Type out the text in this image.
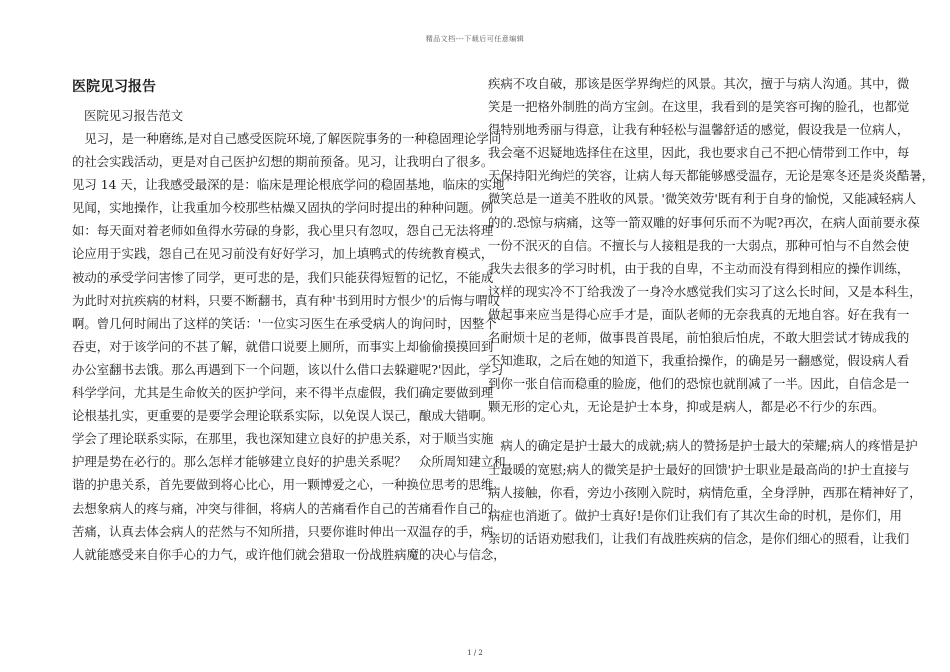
精品文档---下载后可任意编辑
医院见习报告
医院见习报告范文
　见习，是一种磨练,是对自己感受医院环境,了解医院事务的一种稳固理论学问
的社会实践活动，更是对自己医护幻想的期前预备。见习，让我明白了很多。
见习 14 天，让我感受最深的是：临床是理论根底学问的稳固基地，临床的实地
见闻，实地操作，让我重加今校那些枯燥又固执的学问时提出的种种问题。例
如：每天面对着老师如鱼得水劳碌的身影，我心里只有忽叹，怨自己无法将理
论应用于实践，怨自己在见习前没有好好学习，加上填鸭式的传统教育模式，
被动的承受学问害惨了同学，更可悲的是，我们只能获得短暂的记忆，不能成
为此时对抗疾病的材料，只要不断翻书，真有种'书到用时方恨少'的后悔与喟叹
啊。曾几何时闹出了这样的笑话：'一位实习医生在承受病人的询问时，因整个
吞吏，对于该学问的不甚了解，就借口说要上厕所，而事实上却偷偷摸摸回到
办公室翻书去饿。那么再遇到下一个问题，该以什么借口去躲避呢?'因此，学习
科学学问，尤其是生命攸关的医护学问，来不得半点虚假，我们确定要做到理
论根基扎实，更重要的是要学会理论联系实际，以免误人误己，酿成大错啊。
学会了理论联系实际，在那里，我也深知建立良好的护患关系，对于顺当实施
护理是势在必行的。那么怎样才能够建立良好的护患关系呢？　众所周知建立和
谐的护患关系，首先要做到将心比心，用一颗博爱之心，一种换位思考的思维
去想象病人的疼与痛，冲突与徘徊，将病人的苦痛看作自己的苦痛看作自己的
苦痛，认真去体会病人的茫然与不知所措，只要你谁时伸出一双温存的手，病
人就能感受来自你手心的力气，或许他们就会猎取一份战胜病魔的决心与信念，
疾病不攻自破，那该是医学界绚烂的风景。其次，擅于与病人沟通。其中，微
笑是一把格外制胜的尚方宝剑。在这里，我看到的是笑容可掬的脸孔，也都觉
得特别地秀丽与得意，让我有种轻松与温馨舒适的感觉，假设我是一位病人，
我会毫不迟疑地选择住在这里，因此，我也要求自己不把心情带到工作中，每
天保持阳光绚烂的笑容，让病人每天都能够感受温存，无论是寒冬还是炎炎酷暑，
微笑总是一道美不胜收的风景。'微笑效劳'既有利于自身的愉悦，又能减轻病人
的的.恐惊与病痛，这等一箭双雕的好事何乐而不为呢?再次，在病人面前要永葆
一份不泯灭的自信。不擅长与人接粗是我的一大弱点，那种可怕与不自然会使
我失去很多的学习时机，由于我的自卑，不主动而没有得到相应的操作训练，
这样的现实冷不丁给我泼了一身冷水感觉我们实习了这么长时间，又是本科生，
做起事来应当是得心应手才是，面队老师的无奈我真的无地自容。好在我有一
名耐烦十足的老师，做事畏首畏尾，前怕狼后怕虎，不敢大胆尝试才铸成我的
不知進取，之后在她的知道下，我重拾操作，的确是另一翻感觉，假设病人看
到你一张自信而稳重的脸庞，他们的恐惊也就削减了一半。因此，自信念是一
颗无形的定心丸，无论是护士本身，抑或是病人，都是必不行少的东西。
　病人的确定是护士最大的成就;病人的赞扬是护士最大的荣耀;病人的疼惜是护
士最暖的宽慰;病人的微笑是护士最好的回馈'护士职业是最高尚的!护士直接与
病人接触，你看，旁边小孩刚入院时，病情危重，全身浮肿，西那在精神好了，
病症也消逝了。做护士真好!是你们让我们有了其次生命的时机，是你们，用
亲切的话语劝慰我们，让我们有战胜疾病的信念，是你们细心的照看，让我们
1 / 2
